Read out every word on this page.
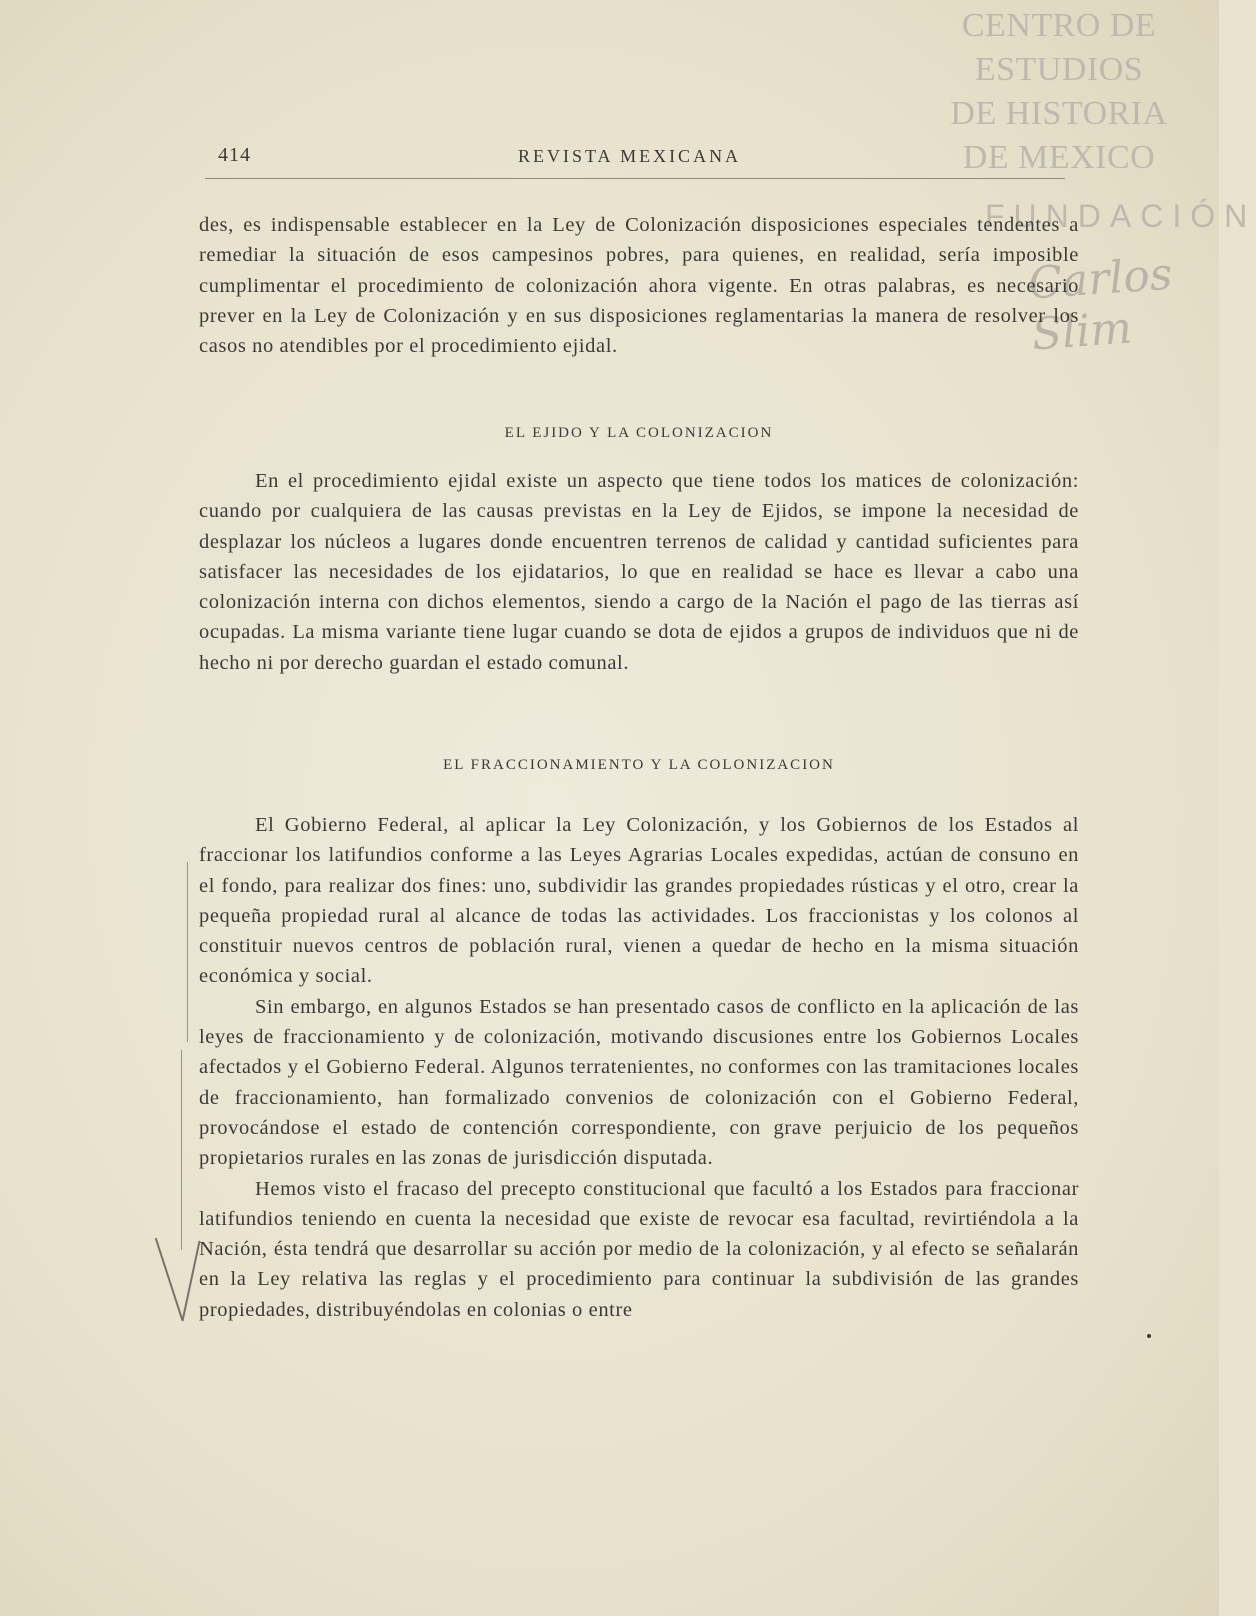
CENTRO DE
ESTUDIOS
DE HISTORIA
DE MEXICO
FUNDACIÓN
Carlos Slim
414	REVISTA MEXICANA

des, es indispensable establecer en la Ley de Colonización disposiciones especiales tendentes a remediar la situación de esos campesinos pobres, para quienes, en realidad, sería imposible cumplimentar el procedimiento de colonización ahora vigente. En otras palabras, es necesario prever en la Ley de Colonización y en sus disposiciones reglamentarias la manera de resolver los casos no atendibles por el procedimiento ejidal.

EL EJIDO Y LA COLONIZACION

En el procedimiento ejidal existe un aspecto que tiene todos los matices de colonización: cuando por cualquiera de las causas previstas en la Ley de Ejidos, se impone la necesidad de desplazar los núcleos a lugares donde encuentren terrenos de calidad y cantidad suficientes para satisfacer las necesidades de los ejidatarios, lo que en realidad se hace es llevar a cabo una colonización interna con dichos elementos, siendo a cargo de la Nación el pago de las tierras así ocupadas. La misma variante tiene lugar cuando se dota de ejidos a grupos de individuos que ni de hecho ni por derecho guardan el estado comunal.

EL FRACCIONAMIENTO Y LA COLONIZACION

El Gobierno Federal, al aplicar la Ley Colonización, y los Gobiernos de los Estados al fraccionar los latifundios conforme a las Leyes Agrarias Locales expedidas, actúan de consuno en el fondo, para realizar dos fines: uno, subdividir las grandes propiedades rústicas y el otro, crear la pequeña propiedad rural al alcance de todas las actividades. Los fraccionistas y los colonos al constituir nuevos centros de población rural, vienen a quedar de hecho en la misma situación económica y social.

Sin embargo, en algunos Estados se han presentado casos de conflicto en la aplicación de las leyes de fraccionamiento y de colonización, motivando discusiones entre los Gobiernos Locales afectados y el Gobierno Federal. Algunos terratenientes, no conformes con las tramitaciones locales de fraccionamiento, han formalizado convenios de colonización con el Gobierno Federal, provocándose el estado de contención correspondiente, con grave perjuicio de los pequeños propietarios rurales en las zonas de jurisdicción disputada.

Hemos visto el fracaso del precepto constitucional que facultó a los Estados para fraccionar latifundios teniendo en cuenta la necesidad que existe de revocar esa facultad, revirtiéndola a la Nación, ésta tendrá que desarrollar su acción por medio de la colonización, y al efecto se señalarán en la Ley relativa las reglas y el procedimiento para continuar la subdivisión de las grandes propiedades, distribuyéndolas en colonias o entre
